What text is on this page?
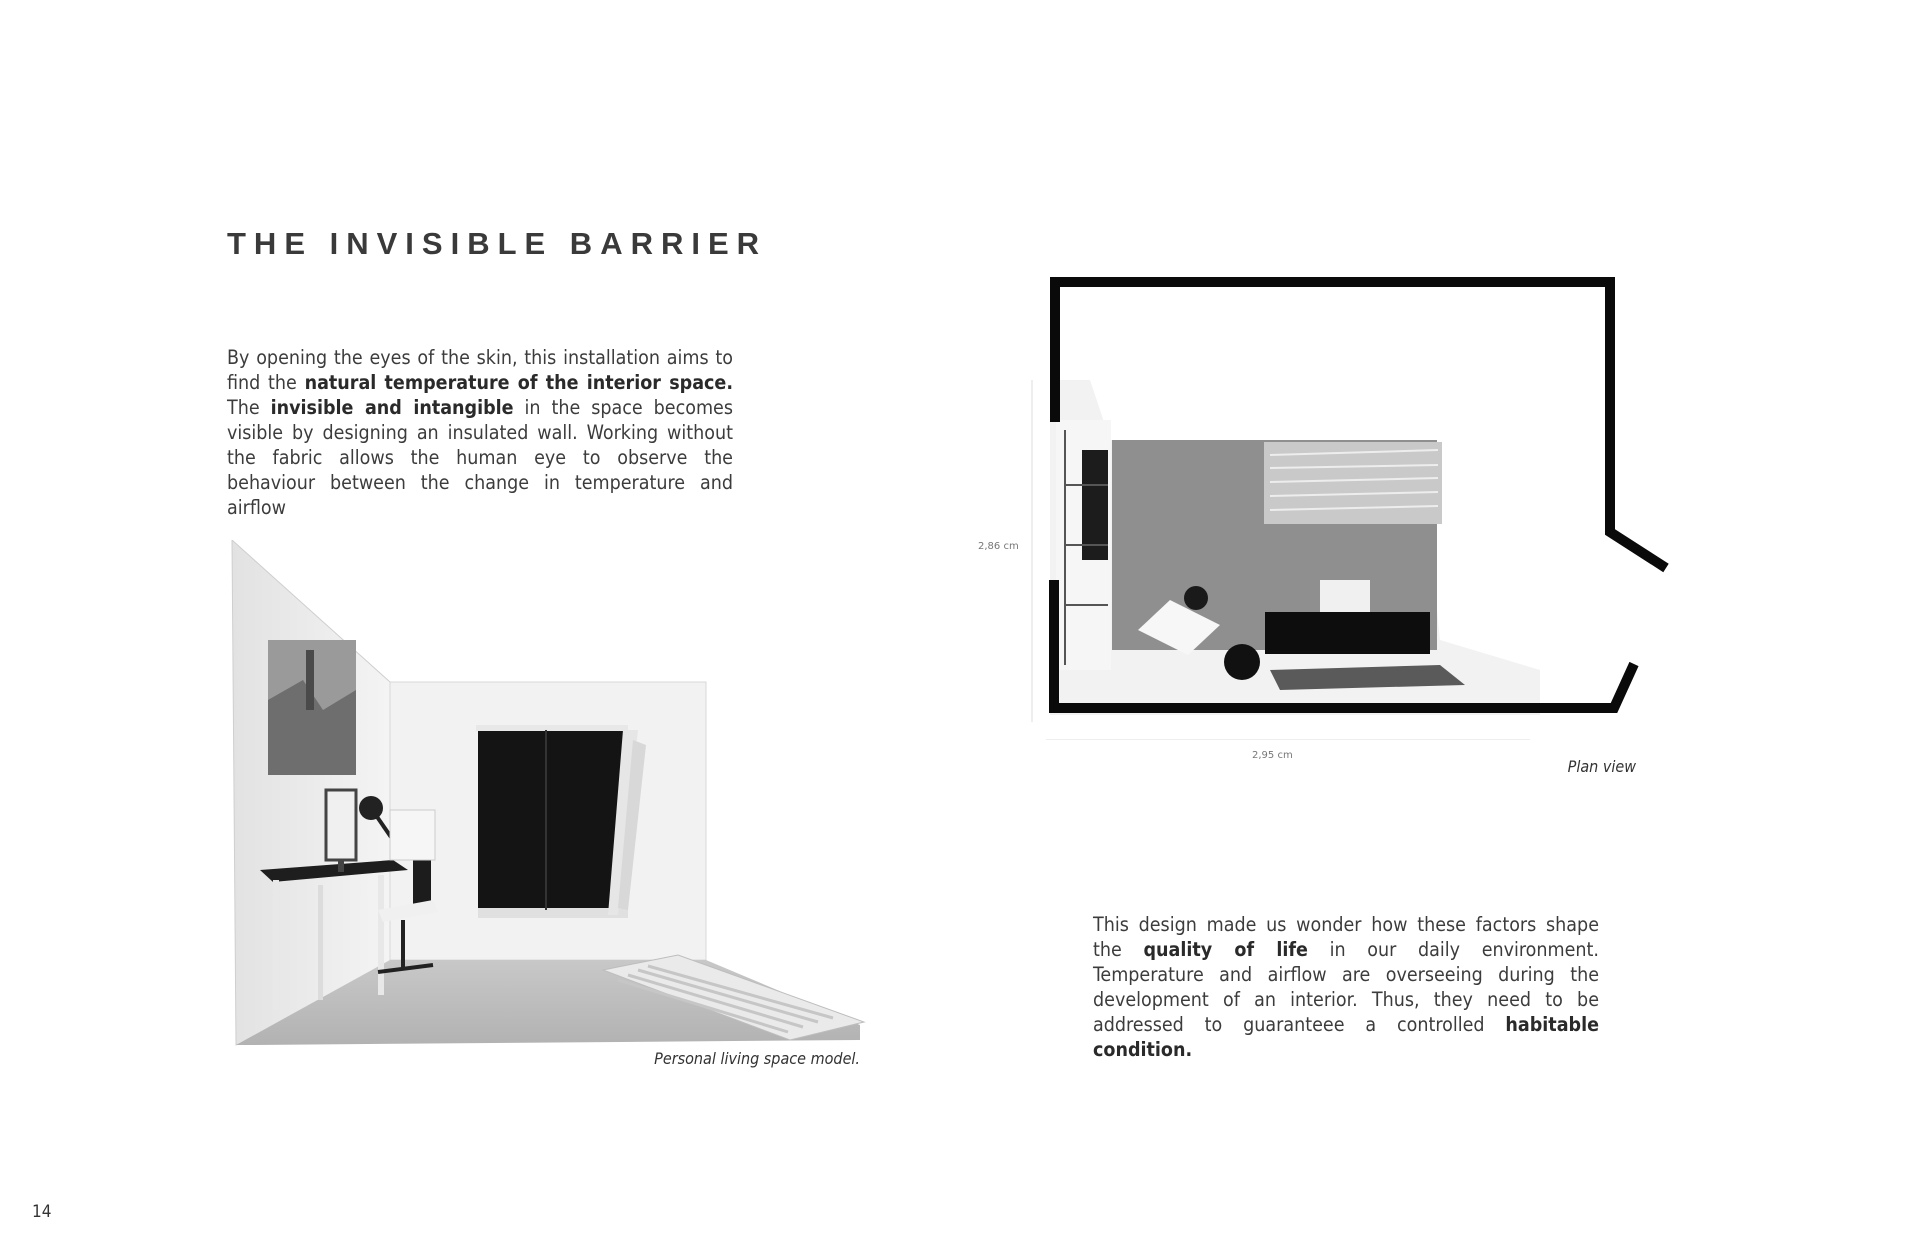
THE INVISIBLE BARRIER

By opening the eyes of the skin, this installation aims to find the natural temperature of the interior space. The invisible and intangible in the space becomes visible by designing an insulated wall. Working without the fabric allows the human eye to observe the behaviour between the change in temperature and airflow

Personal living space model.

2,86 cm
2,95 cm

Plan view

This design made us wonder how these factors shape the quality of life in our daily environment. Temperature and airflow are overseeing during the development of an interior. Thus, they need to be addressed to guaranteee a controlled habitable condition.

14
